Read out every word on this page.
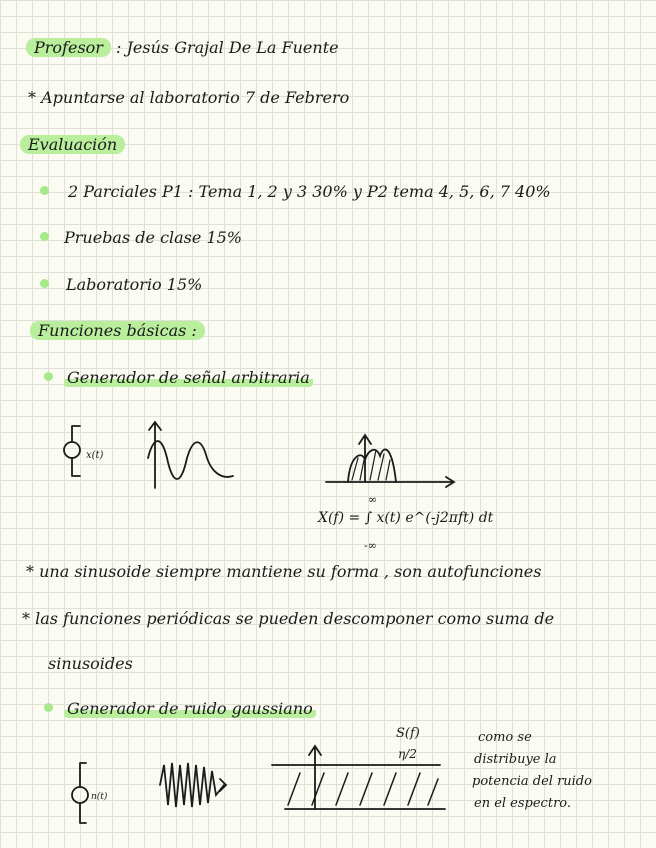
Profesor : Jesús Grajal De La Fuente
* Apuntarse al laboratorio 7 de Febrero
Evaluación
2 Parciales P1 : Tema 1, 2 y 3 30% y P2 tema 4, 5, 6, 7 40%
Pruebas de clase 15%
Laboratorio 15%
Funciones básicas :
Generador de señal arbitraria
x(t)
X(f) = ∫ x(t) e^(-j2πft) dt
∞
-∞
* una sinusoide siempre mantiene su forma , son autofunciones
* las funciones periódicas se pueden descomponer como suma de
sinusoides
Generador de ruido gaussiano
n(t)
S(f)
η/2
como se
distribuye la
potencia del ruido
en el espectro.
